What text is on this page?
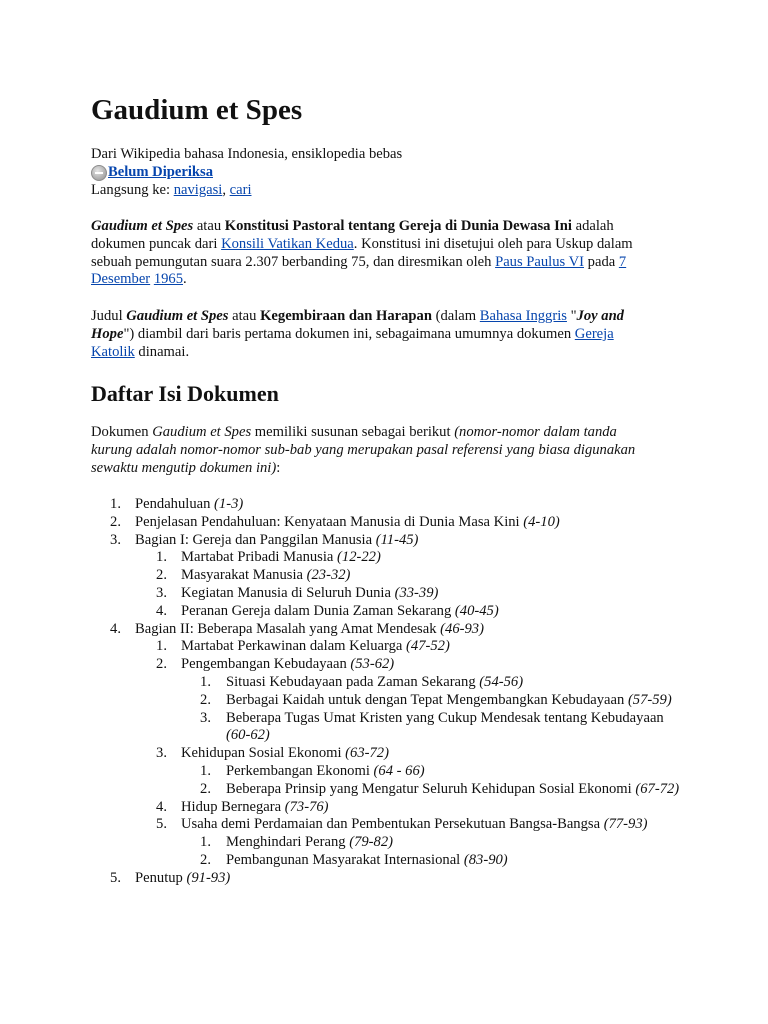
Gaudium et Spes
Dari Wikipedia bahasa Indonesia, ensiklopedia bebas
Belum Diperiksa
Langsung ke: navigasi, cari

Gaudium et Spes atau Konstitusi Pastoral tentang Gereja di Dunia Dewasa Ini adalah dokumen puncak dari Konsili Vatikan Kedua. Konstitusi ini disetujui oleh para Uskup dalam sebuah pemungutan suara 2.307 berbanding 75, dan diresmikan oleh Paus Paulus VI pada 7 Desember 1965.

Judul Gaudium et Spes atau Kegembiraan dan Harapan (dalam Bahasa Inggris "Joy and Hope") diambil dari baris pertama dokumen ini, sebagaimana umumnya dokumen Gereja Katolik dinamai.

Daftar Isi Dokumen

Dokumen Gaudium et Spes memiliki susunan sebagai berikut (nomor-nomor dalam tanda kurung adalah nomor-nomor sub-bab yang merupakan pasal referensi yang biasa digunakan sewaktu mengutip dokumen ini):

1. Pendahuluan (1-3)
2. Penjelasan Pendahuluan: Kenyataan Manusia di Dunia Masa Kini (4-10)
3. Bagian I: Gereja dan Panggilan Manusia (11-45)
1. Martabat Pribadi Manusia (12-22)
2. Masyarakat Manusia (23-32)
3. Kegiatan Manusia di Seluruh Dunia (33-39)
4. Peranan Gereja dalam Dunia Zaman Sekarang (40-45)
4. Bagian II: Beberapa Masalah yang Amat Mendesak (46-93)
1. Martabat Perkawinan dalam Keluarga (47-52)
2. Pengembangan Kebudayaan (53-62)
1. Situasi Kebudayaan pada Zaman Sekarang (54-56)
2. Berbagai Kaidah untuk dengan Tepat Mengembangkan Kebudayaan (57-59)
3. Beberapa Tugas Umat Kristen yang Cukup Mendesak tentang Kebudayaan (60-62)
3. Kehidupan Sosial Ekonomi (63-72)
1. Perkembangan Ekonomi (64 - 66)
2. Beberapa Prinsip yang Mengatur Seluruh Kehidupan Sosial Ekonomi (67-72)
4. Hidup Bernegara (73-76)
5. Usaha demi Perdamaian dan Pembentukan Persekutuan Bangsa-Bangsa (77-93)
1. Menghindari Perang (79-82)
2. Pembangunan Masyarakat Internasional (83-90)
5. Penutup (91-93)
